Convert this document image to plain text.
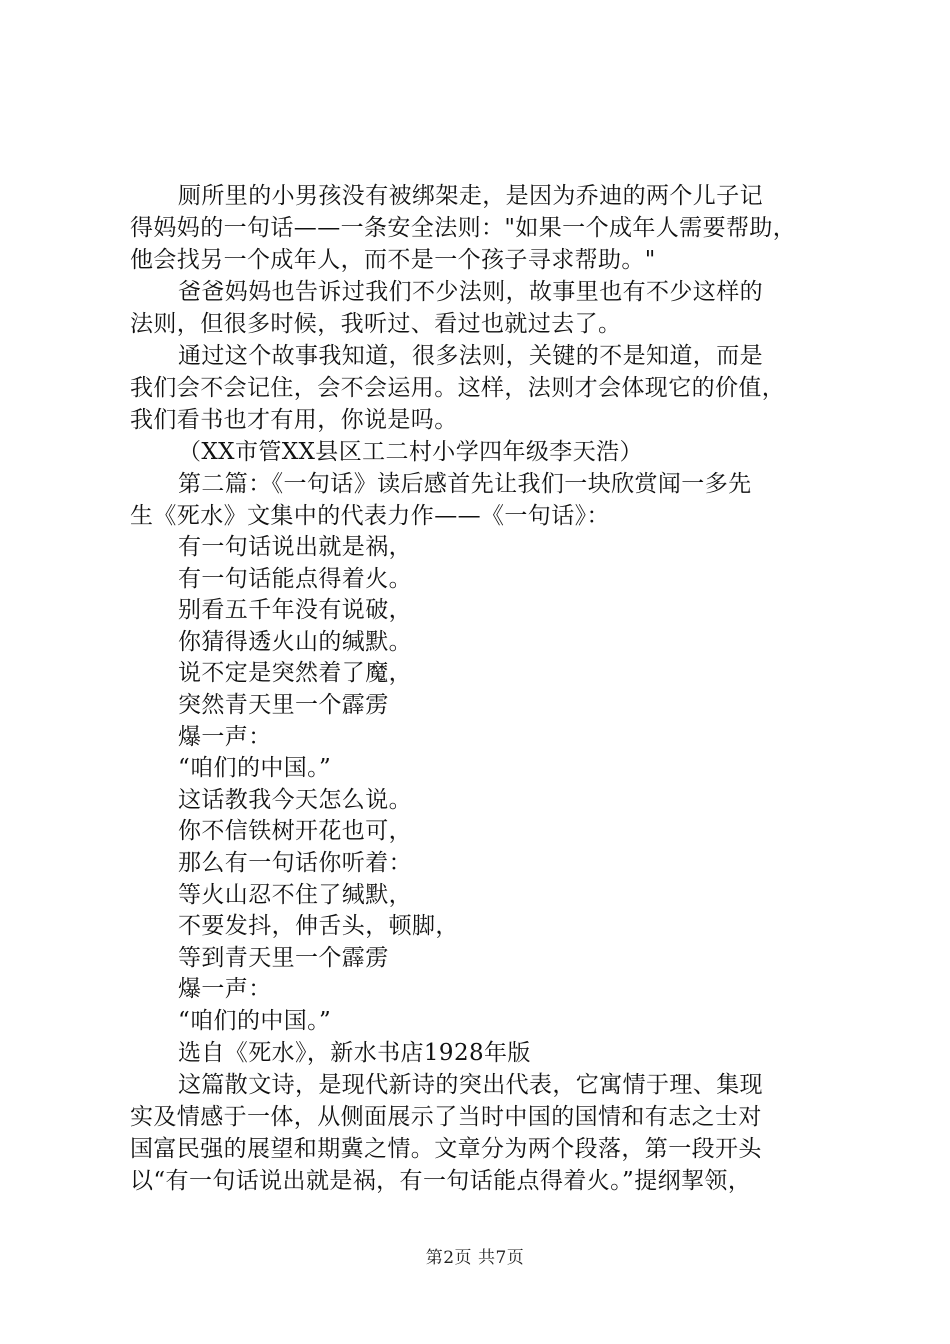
厕所里的小男孩没有被绑架走，是因为乔迪的两个儿子记
得妈妈的一句话——一条安全法则："如果一个成年人需要帮助，
他会找另一个成年人，而不是一个孩子寻求帮助。"
爸爸妈妈也告诉过我们不少法则，故事里也有不少这样的
法则，但很多时候，我听过、看过也就过去了。
通过这个故事我知道，很多法则，关键的不是知道，而是
我们会不会记住，会不会运用。这样，法则才会体现它的价值，
我们看书也才有用，你说是吗。
（XX市管XX县区工二村小学四年级李天浩）
第二篇：《一句话》读后感首先让我们一块欣赏闻一多先
生《死水》文集中的代表力作——《一句话》：
有一句话说出就是祸，
有一句话能点得着火。
别看五千年没有说破，
你猜得透火山的缄默。
说不定是突然着了魔，
突然青天里一个霹雳
爆一声：
“咱们的中国。”
这话教我今天怎么说。
你不信铁树开花也可，
那么有一句话你听着：
等火山忍不住了缄默，
不要发抖，伸舌头，顿脚，
等到青天里一个霹雳
爆一声：
“咱们的中国。”
选自《死水》，新水书店1928年版
这篇散文诗，是现代新诗的突出代表，它寓情于理、集现
实及情感于一体，从侧面展示了当时中国的国情和有志之士对
国富民强的展望和期冀之情。文章分为两个段落，第一段开头
以“有一句话说出就是祸，有一句话能点得着火。”提纲挈领，
第2页 共7页
